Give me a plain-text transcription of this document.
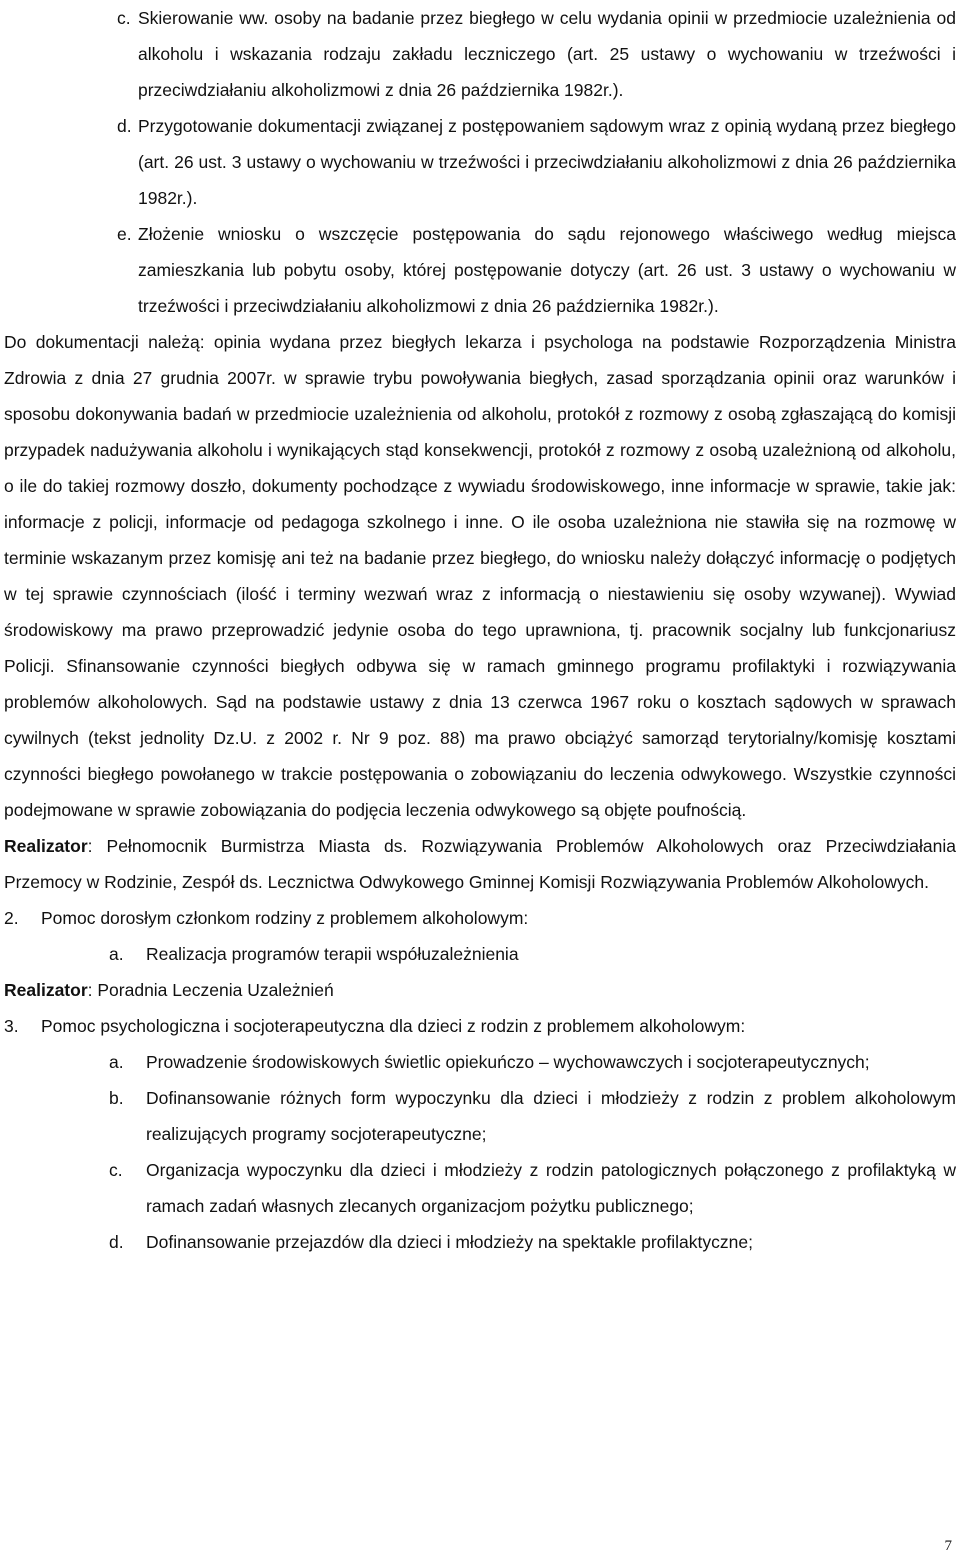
c. Skierowanie ww. osoby na badanie przez biegłego w celu wydania opinii w przedmiocie uzależnienia od alkoholu i wskazania rodzaju zakładu leczniczego (art. 25 ustawy o wychowaniu w trzeźwości i przeciwdziałaniu alkoholizmowi z dnia 26 października 1982r.).
d. Przygotowanie dokumentacji związanej z postępowaniem sądowym wraz z opinią wydaną przez biegłego (art. 26 ust. 3 ustawy o wychowaniu w trzeźwości i przeciwdziałaniu alkoholizmowi z dnia 26 października 1982r.).
e. Złożenie wniosku o wszczęcie postępowania do sądu rejonowego właściwego według miejsca zamieszkania lub pobytu osoby, której postępowanie dotyczy (art. 26 ust. 3 ustawy o wychowaniu w trzeźwości i przeciwdziałaniu alkoholizmowi z dnia 26 października 1982r.).

Do dokumentacji należą: opinia wydana przez biegłych lekarza i psychologa na podstawie Rozporządzenia Ministra Zdrowia z dnia 27 grudnia 2007r. w sprawie trybu powoływania biegłych, zasad sporządzania opinii oraz warunków i sposobu dokonywania badań w przedmiocie uzależnienia od alkoholu, protokół z rozmowy z osobą zgłaszającą do komisji przypadek nadużywania alkoholu i wynikających stąd konsekwencji, protokół z rozmowy z osobą uzależnioną od alkoholu, o ile do takiej rozmowy doszło, dokumenty pochodzące z wywiadu środowiskowego, inne informacje w sprawie, takie jak: informacje z policji, informacje od pedagoga szkolnego i inne. O ile osoba uzależniona nie stawiła się na rozmowę w terminie wskazanym przez komisję ani też na badanie przez biegłego, do wniosku należy dołączyć informację o podjętych w tej sprawie czynnościach (ilość i terminy wezwań wraz z informacją o niestawieniu się osoby wzywanej). Wywiad środowiskowy ma prawo przeprowadzić jedynie osoba do tego uprawniona, tj. pracownik socjalny lub funkcjonariusz Policji. Sfinansowanie czynności biegłych odbywa się w ramach gminnego programu profilaktyki i rozwiązywania problemów alkoholowych. Sąd na podstawie ustawy z dnia 13 czerwca 1967 roku o kosztach sądowych w sprawach cywilnych (tekst jednolity Dz.U. z 2002 r. Nr 9 poz. 88) ma prawo obciążyć samorząd terytorialny/komisję kosztami czynności biegłego powołanego w trakcie postępowania o zobowiązaniu do leczenia odwykowego. Wszystkie czynności podejmowane w sprawie zobowiązania do podjęcia leczenia odwykowego są objęte poufnością.

Realizator: Pełnomocnik Burmistrza Miasta ds. Rozwiązywania Problemów Alkoholowych oraz Przeciwdziałania Przemocy w Rodzinie, Zespół ds. Lecznictwa Odwykowego Gminnej Komisji Rozwiązywania Problemów Alkoholowych.

2. Pomoc dorosłym członkom rodziny z problemem alkoholowym:
a. Realizacja programów terapii współuzależnienia

Realizator: Poradnia Leczenia Uzależnień

3. Pomoc psychologiczna i socjoterapeutyczna dla dzieci z rodzin z problemem alkoholowym:
a. Prowadzenie środowiskowych świetlic opiekuńczo – wychowawczych i socjoterapeutycznych;
b. Dofinansowanie różnych form wypoczynku dla dzieci i młodzieży z rodzin z problem alkoholowym realizujących programy socjoterapeutyczne;
c. Organizacja wypoczynku dla dzieci i młodzieży z rodzin patologicznych połączonego z profilaktyką w ramach zadań własnych zlecanych organizacjom pożytku publicznego;
d. Dofinansowanie przejazdów dla dzieci i młodzieży na spektakle profilaktyczne;
7
